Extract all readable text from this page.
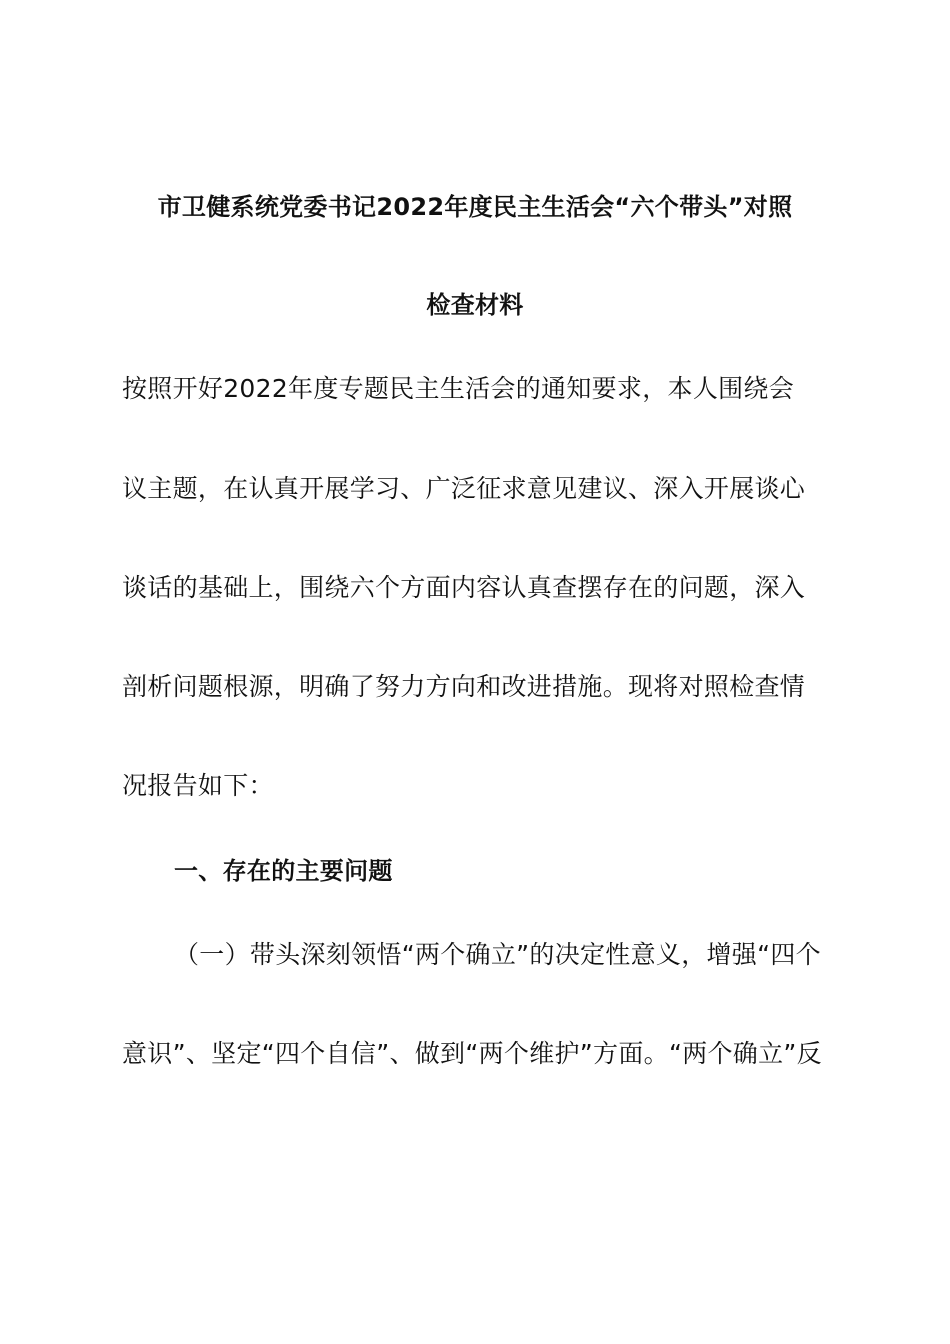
市卫健系统党委书记2022年度民主生活会“六个带头”对照
检查材料
按照开好2022年度专题民主生活会的通知要求，本人围绕会
议主题，在认真开展学习、广泛征求意见建议、深入开展谈心
谈话的基础上，围绕六个方面内容认真查摆存在的问题，深入
剖析问题根源，明确了努力方向和改进措施。现将对照检查情
况报告如下：
一、存在的主要问题
（一）带头深刻领悟“两个确立”的决定性意义，增强“四个
意识”、坚定“四个自信”、做到“两个维护”方面。“两个确立”反
